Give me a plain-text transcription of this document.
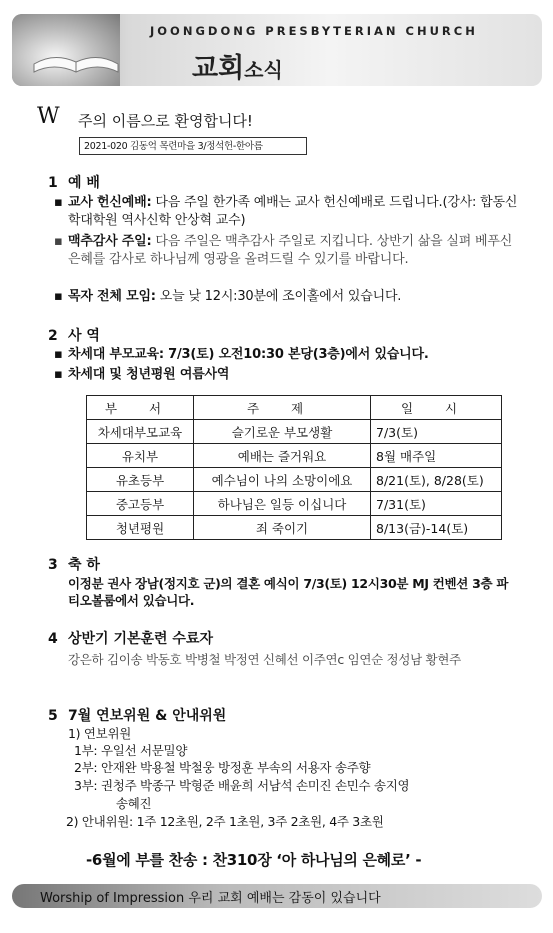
JOONGDONG PRESBYTERIAN CHURCH
교회소식
W 주의 이름으로 환영합니다!
2021-020 김동억 목련마을 3/정석헌-한아름
1 예 배
▪ 교사 헌신예배: 다음 주일 한가족 예배는 교사 헌신예배로 드립니다.(강사: 합동신학대학원 역사신학 안상혁 교수)
▪ 맥추감사 주일: 다음 주일은 맥추감사 주일로 지킵니다. 상반기 삶을 실펴 베푸신 은혜를 감사로 하나님께 영광을 올려드릴 수 있기를 바랍니다.
▪ 목자 전체 모임: 오늘 낮 12시:30분에 조이홀에서 있습니다.
2 사 역
▪ 차세대 부모교육: 7/3(토) 오전10:30 본당(3층)에서 있습니다.
▪ 차세대 및 청년평원 여름사역
부 서	주 제	일 시
차세대부모교육	슬기로운 부모생활	7/3(토)
유치부	예배는 즐거워요	8월 매주일
유초등부	예수님이 나의 소망이에요	8/21(토), 8/28(토)
중고등부	하나님은 일등 이십니다	7/31(토)
청년평원	죄 죽이기	8/13(금)-14(토)
3 축 하
이정분 권사 장남(정지호 군)의 결혼 예식이 7/3(토) 12시30분 MJ 컨벤션 3층 파티오볼룸에서 있습니다.
4 상반기 기본훈련 수료자
강은하 김이송 박동호 박병철 박정연 신혜선 이주연c 임연순 정성남 황현주
5 7월 연보위원 & 안내위원
1) 연보위원
1부: 우일선 서문밀양
2부: 안재완 박용철 박철웅 방정훈 부속의 서용자 송주향
3부: 권청주 박종구 박형준 배윤희 서남석 손미진 손민수 송지영
송혜진
2) 안내위원: 1주 12초원, 2주 1초원, 3주 2초원, 4주 3초원
-6월에 부를 찬송 : 찬310장 ‘아 하나님의 은혜로’ -
Worship of Impression 우리 교회 예배는 감동이 있습니다
